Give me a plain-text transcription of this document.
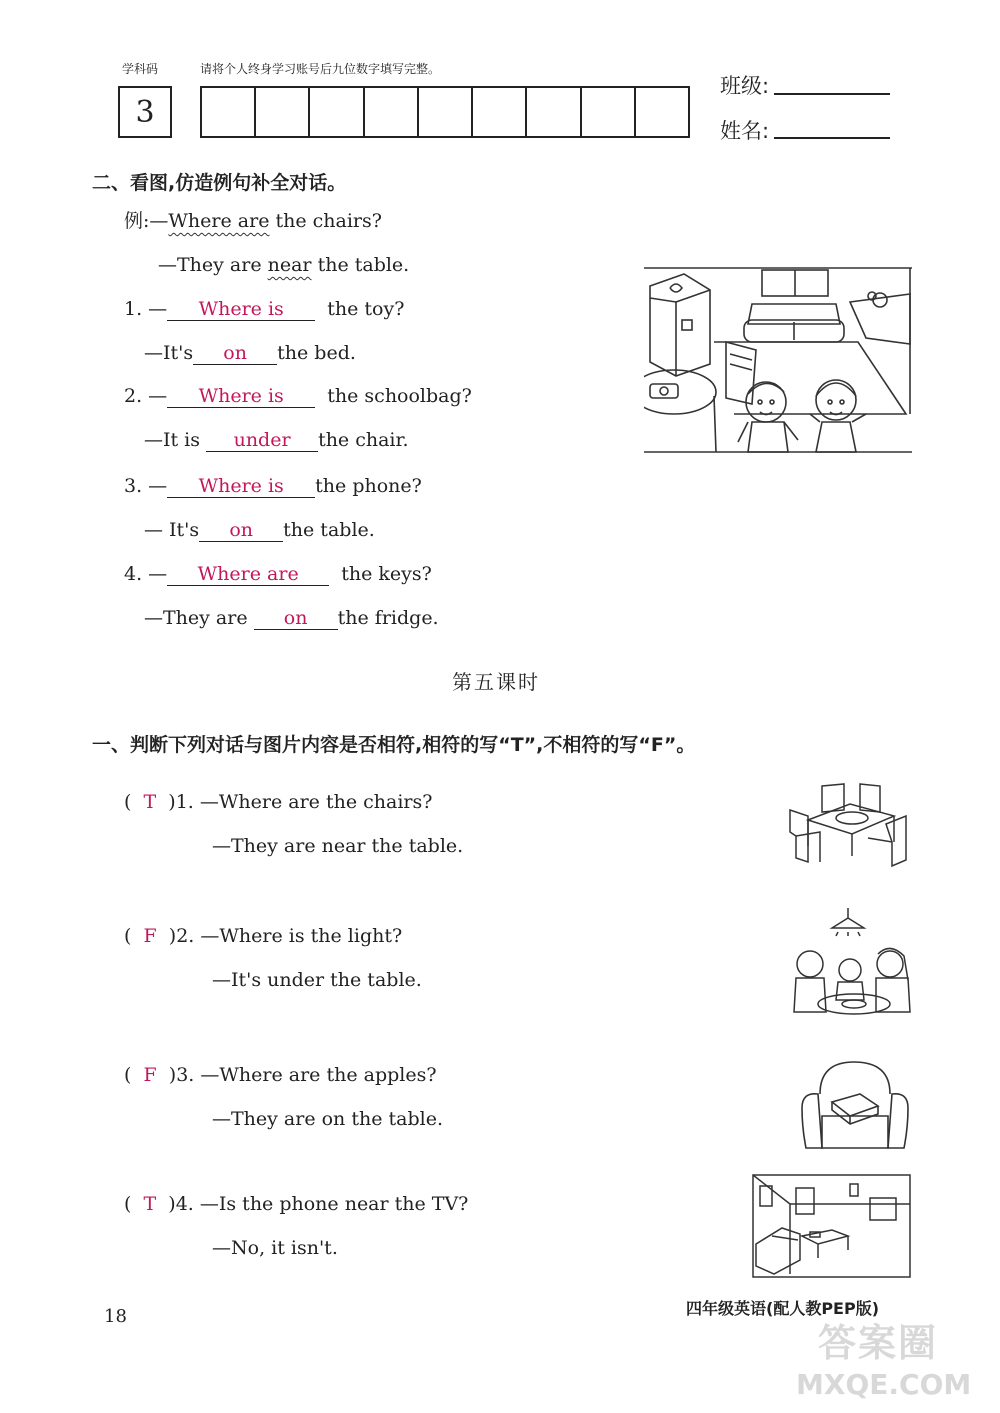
学科码	请将个人终身学习账号后九位数字填写完整。
3
班级:
姓名:
二、看图,仿造例句补全对话。
例:—Where are the chairs?
—They are near the table.
1. — Where is the toy?
—It's on the bed.
2. — Where is the schoolbag?
—It is under the chair.
3. — Where is the phone?
— It's on the table.
4. — Where are the keys?
—They are on the fridge.
第五课时
一、判断下列对话与图片内容是否相符,相符的写“T”,不相符的写“F”。
( T )1. —Where are the chairs?
—They are near the table.
( F )2. —Where is the light?
—It's under the table.
( F )3. —Where are the apples?
—They are on the table.
( T )4. —Is the phone near the TV?
—No, it isn't.
18	四年级英语(配人教PEP版)
答案圈
MXQE.COM
